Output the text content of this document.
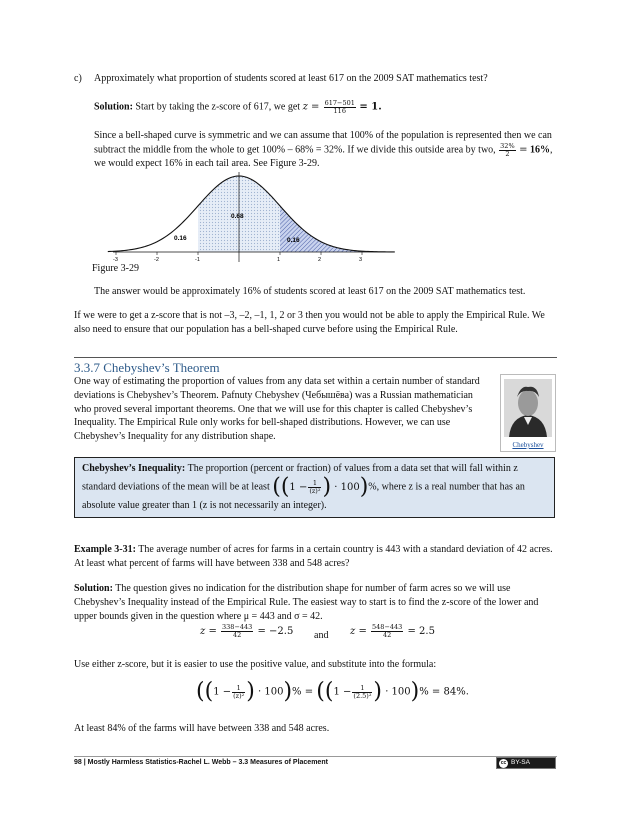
c) Approximately what proportion of students scored at least 617 on the 2009 SAT mathematics test?
Solution: Start by taking the z-score of 617, we get $z = \frac{617-501}{116} = 1$.
Since a bell-shaped curve is symmetric and we can assume that 100% of the population is represented then we can subtract the middle from the whole to get 100% – 68% = 32%. If we divide this outside area by two, $\frac{32\%}{2} = 16\%$, we would expect 16% in each tail area. See Figure 3-29.
-3	-2	-1	1	2	3
0.68
0.16	0.16
Figure 3-29
The answer would be approximately 16% of students scored at least 617 on the 2009 SAT mathematics test.
If we were to get a z-score that is not –3, –2, –1, 1, 2 or 3 then you would not be able to apply the Empirical Rule. We also need to ensure that our population has a bell-shaped curve before using the Empirical Rule.
3.3.7 Chebyshev’s Theorem
One way of estimating the proportion of values from any data set within a certain number of standard deviations is Chebyshev’s Theorem. Pafnuty Chebyshev (Чебышёва) was a Russian mathematician who proved several important theorems. One that we will use for this chapter is called Chebyshev’s Inequality. The Empirical Rule only works for bell-shaped distributions. However, we can use Chebyshev’s Inequality for any distribution shape.
Chebyshev
Chebyshev’s Inequality: The proportion (percent or fraction) of values from a data set that will fall within z standard deviations of the mean will be at least (($1 - \frac{1}{\text{(z)²}}$ ) · 100)%, where z is a real number that has an absolute value greater than 1 (z is not necessarily an integer).
Example 3-31: The average number of acres for farms in a certain country is 443 with a standard deviation of 42 acres. At least what percent of farms will have between 338 and 548 acres?
Solution: The question gives no indication for the distribution shape for number of farm acres so we will use Chebyshev’s Inequality instead of the Empirical Rule. The easiest way to start is to find the z-score of the lower and upper bounds given in the question where μ = 443 and σ = 42.
$z = \frac{338-443}{42} = -2.5$ and $z = \frac{548-443}{42} = 2.5$
Use either z-score, but it is easier to use the positive value, and substitute into the formula:
(($1 - \frac{1}{\text{(z)²}}$ ) · $100)\% = ((1 - \frac{1}{\text{(2.5)²}}$ ) · 100)% = 84%.
At least 84% of the farms will have between 338 and 548 acres.
98 | Mostly Harmless Statistics-Rachel L. Webb – 3.3 Measures of Placement	cc BY-SA
